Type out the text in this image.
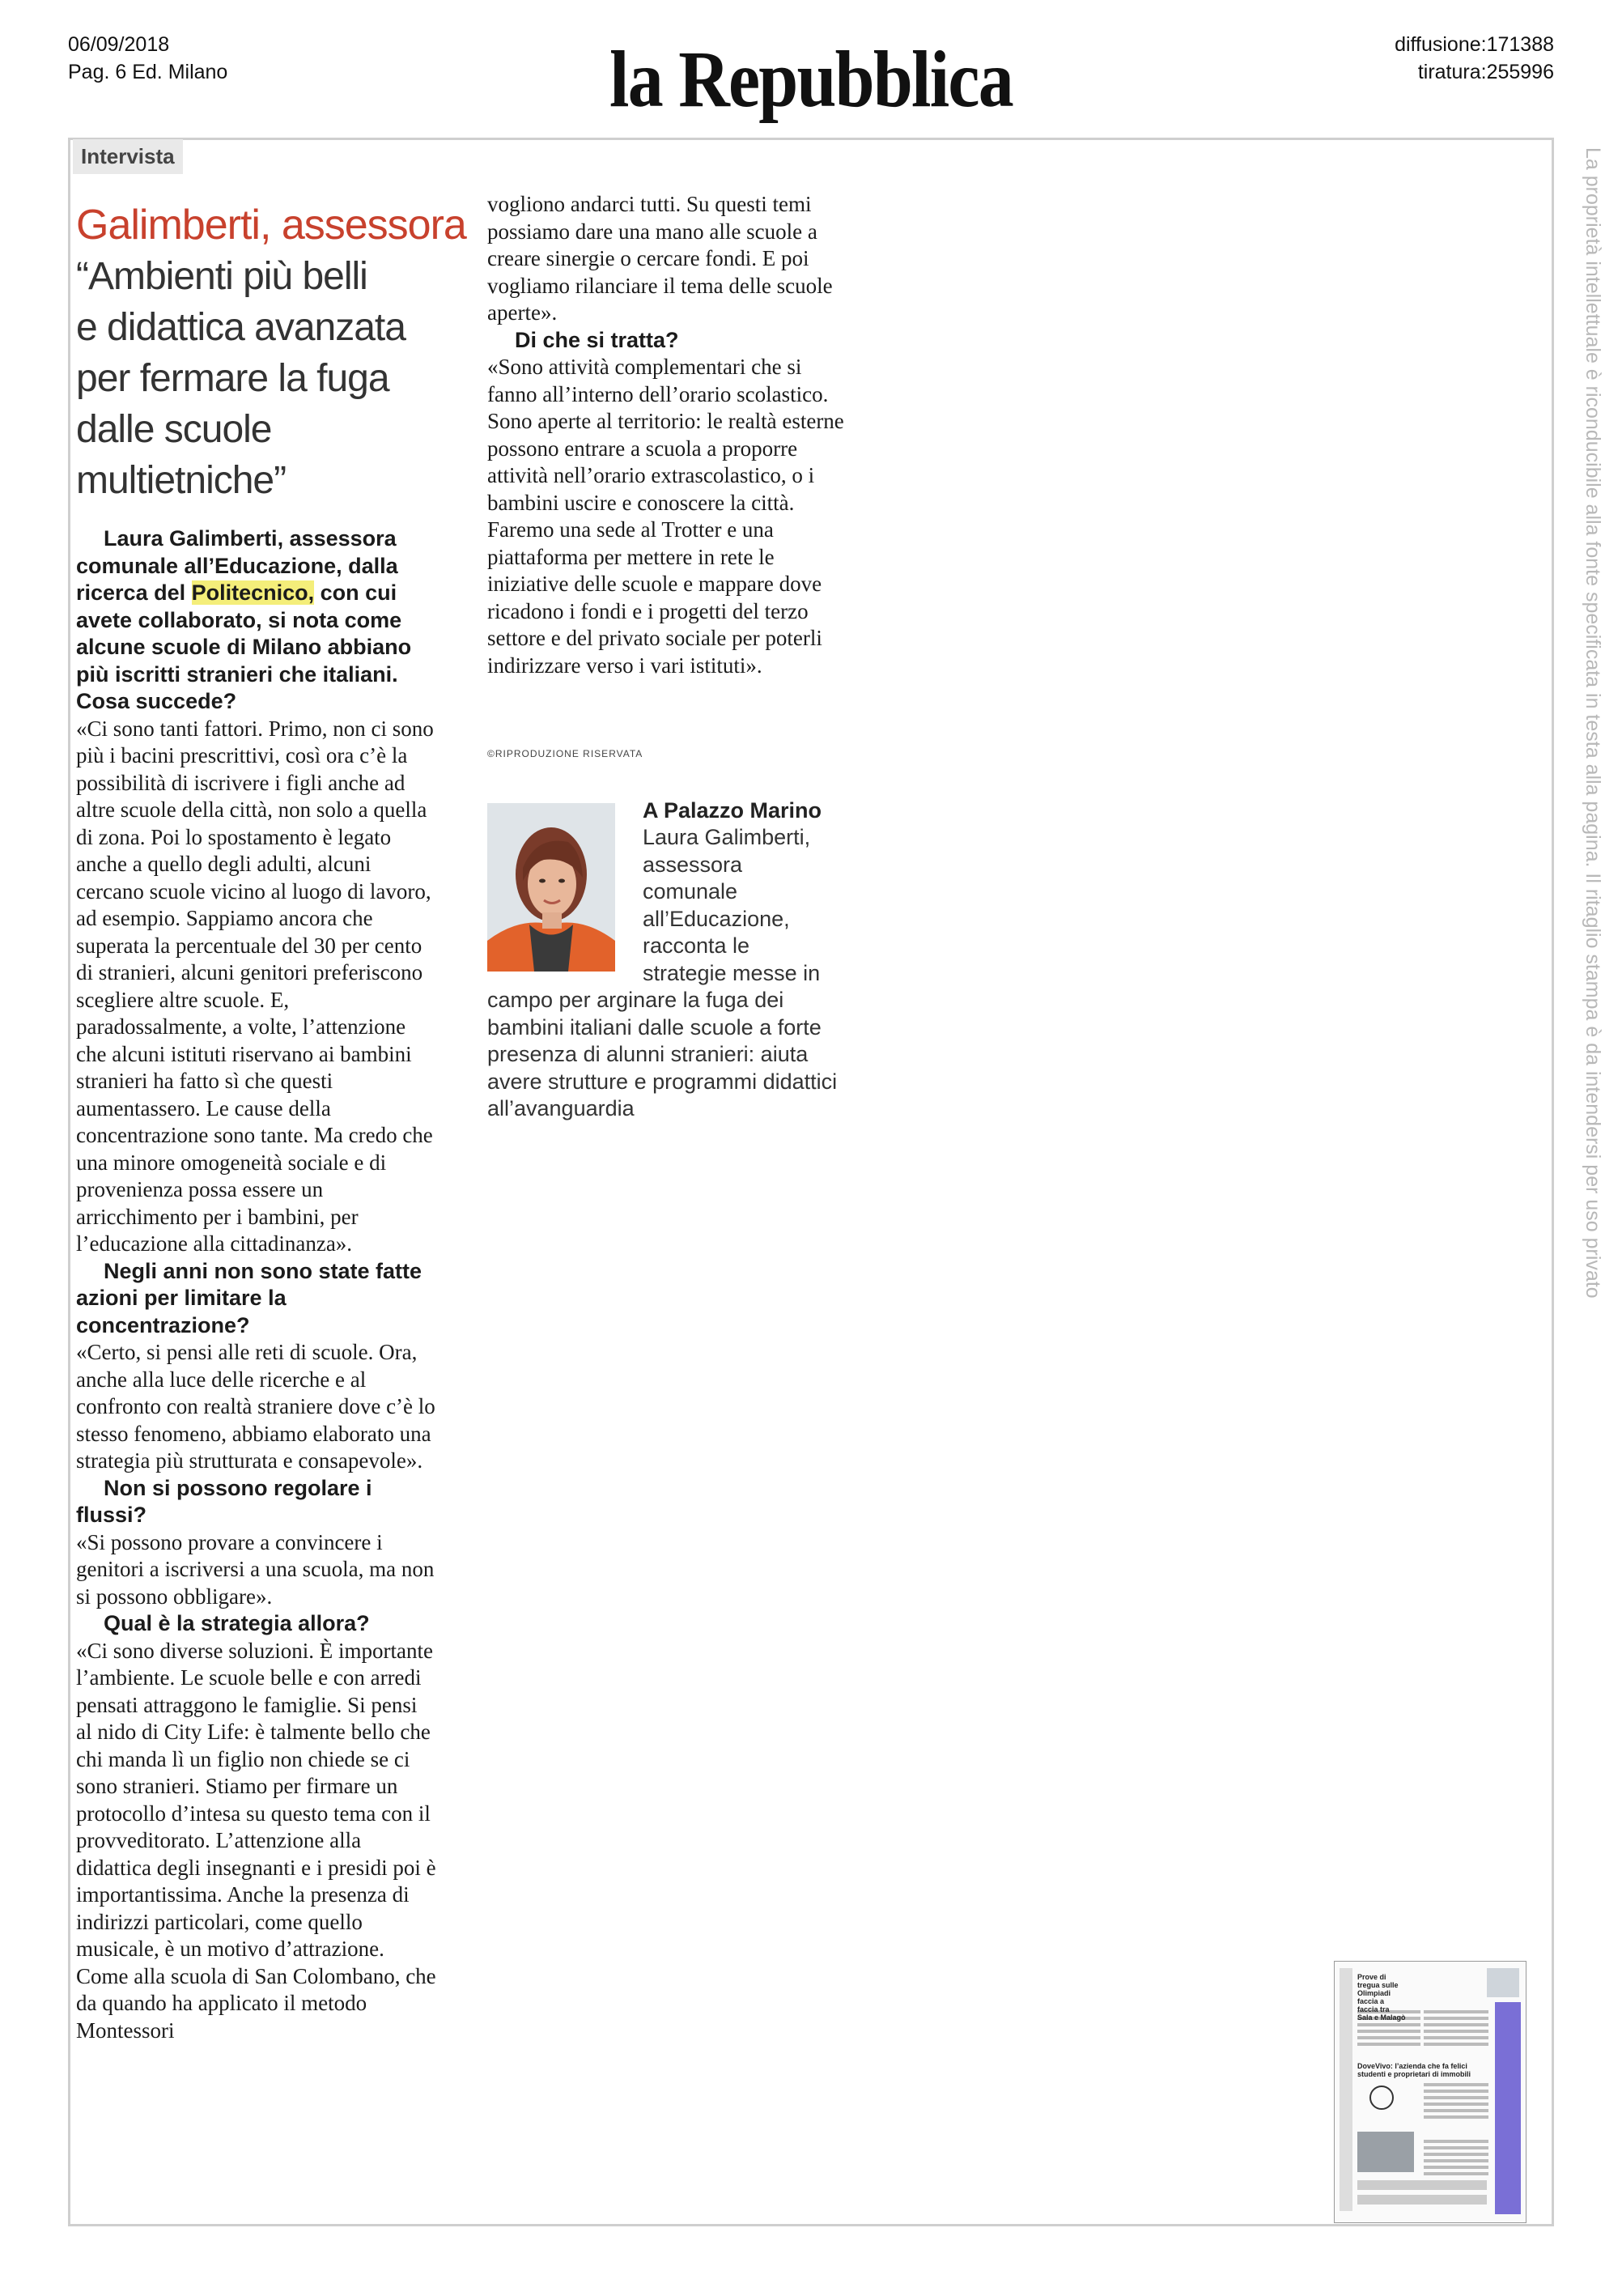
06/09/2018
Pag. 6 Ed. Milano	la Repubblica	diffusione:171388
tiratura:255996
Intervista
Galimberti, assessora
“Ambienti più belli
e didattica avanzata
per fermare la fuga
dalle scuole
multietniche”

Laura Galimberti, assessora comunale all’Educazione, dalla ricerca del Politecnico, con cui avete collaborato, si nota come alcune scuole di Milano abbiano più iscritti stranieri che italiani. Cosa succede?

«Ci sono tanti fattori. Primo, non ci sono più i bacini prescrittivi, così ora c’è la possibilità di iscrivere i figli anche ad altre scuole della città, non solo a quella di zona. Poi lo spostamento è legato anche a quello degli adulti, alcuni cercano scuole vicino al luogo di lavoro, ad esempio. Sappiamo ancora che superata la percentuale del 30 per cento di stranieri, alcuni genitori preferiscono scegliere altre scuole. E, paradossalmente, a volte, l’attenzione che alcuni istituti riservano ai bambini stranieri ha fatto sì che questi aumentassero. Le cause della concentrazione sono tante. Ma credo che una minore omogeneità sociale e di provenienza possa essere un arricchimento per i bambini, per l’educazione alla cittadinanza».

Negli anni non sono state fatte azioni per limitare la concentrazione?

«Certo, si pensi alle reti di scuole. Ora, anche alla luce delle ricerche e al confronto con realtà straniere dove c’è lo stesso fenomeno, abbiamo elaborato una strategia più strutturata e consapevole».

Non si possono regolare i flussi?

«Si possono provare a convincere i genitori a iscriversi a una scuola, ma non si possono obbligare».

Qual è la strategia allora?

«Ci sono diverse soluzioni. È importante l’ambiente. Le scuole belle e con arredi pensati attraggono le famiglie. Si pensi al nido di City Life: è talmente bello che chi manda lì un figlio non chiede se ci sono stranieri. Stiamo per firmare un protocollo d’intesa su questo tema con il provveditorato. L’attenzione alla didattica degli insegnanti e i presidi poi è importantissima. Anche la presenza di indirizzi particolari, come quello musicale, è un motivo d’attrazione. Come alla scuola di San Colombano, che da quando ha applicato il metodo Montessori

vogliono andarci tutti. Su questi temi possiamo dare una mano alle scuole a creare sinergie o cercare fondi. E poi vogliamo rilanciare il tema delle scuole aperte».

Di che si tratta?

«Sono attività complementari che si fanno all’interno dell’orario scolastico. Sono aperte al territorio: le realtà esterne possono entrare a scuola a proporre attività nell’orario extrascolastico, o i bambini uscire e conoscere la città. Faremo una sede al Trotter e una piattaforma per mettere in rete le iniziative delle scuole e mappare dove ricadono i fondi e i progetti del terzo settore e del privato sociale per poterli indirizzare verso i vari istituti».

©RIPRODUZIONE RISERVATA
A Palazzo Marino
Laura Galimberti,
assessora
comunale
all’Educazione,
racconta le
strategie messe in
campo per arginare la fuga dei bambini italiani dalle scuole a forte presenza di alunni stranieri: aiuta avere strutture e programmi didattici all’avanguardia	La proprietà intellettuale è riconducibile alla fonte specificata in testa alla pagina. Il ritaglio stampa è da intendersi per uso privato
Prove di tregua sulle Olimpiadi faccia a faccia tra Sala e Malagò
DoveVivo: l’azienda che fa felici studenti e proprietari di immobili
